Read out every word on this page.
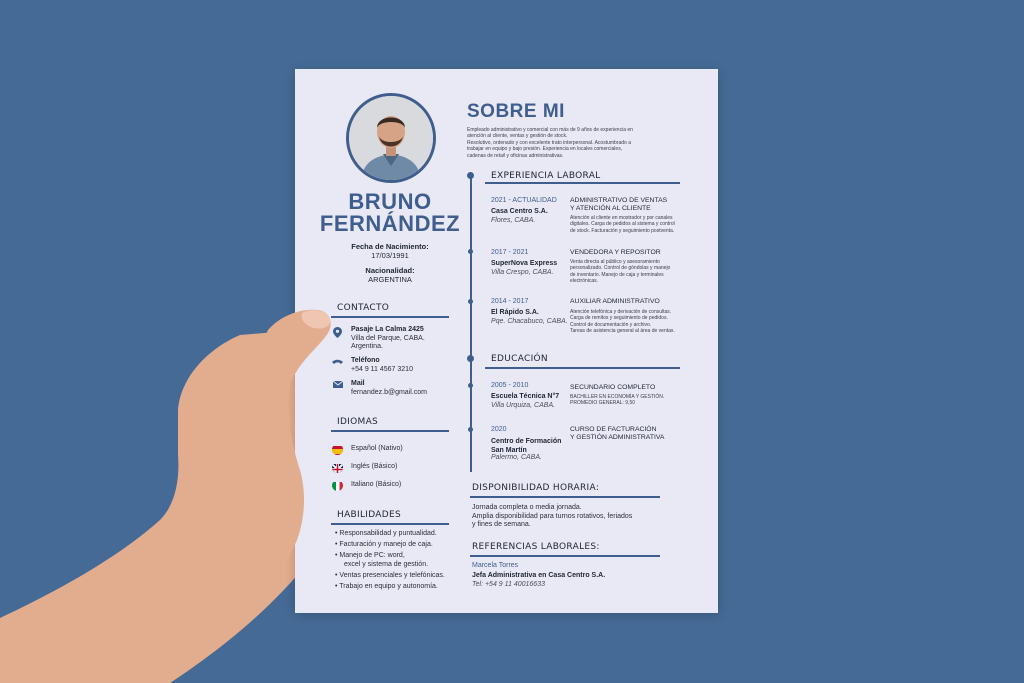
BRUNO
FERNÁNDEZ
Fecha de Nacimiento:
17/03/1991
Nacionalidad:
ARGENTINA
CONTACTO
Pasaje La Calma 2425
Villa del Parque, CABA.
Argentina.
Teléfono
+54 9 11 4567 3210
Mail
fernandez.b@gmail.com
IDIOMAS
Español (Nativo)
Inglés (Básico)
Italiano (Básico)
HABILIDADES
• Responsabilidad y puntualidad.
• Facturación y manejo de caja.
• Manejo de PC: word,
excel y sistema de gestión.
• Ventas presenciales y telefónicas.
• Trabajo en equipo y autonomía.
SOBRE MI
Empleado administrativo y comercial con más de 9 años de experiencia en
atención al cliente, ventas y gestión de stock.
Resolutivo, ordenado y con excelente trato interpersonal. Acostumbrado a
trabajar en equipo y bajo presión. Experiencia en locales comerciales,
cadenas de retail y oficinas administrativas.
EXPERIENCIA LABORAL
2021 - ACTUALIDAD
Casa Centro S.A.
Flores, CABA.
ADMINISTRATIVO DE VENTAS
Y ATENCIÓN AL CLIENTE
Atención al cliente en mostrador y por canales
digitales. Carga de pedidos al sistema y control
de stock. Facturación y seguimiento postventa.
2017 - 2021
SuperNova Express
Villa Crespo, CABA.
VENDEDORA Y REPOSITOR
Venta directa al público y asesoramiento
personalizado. Control de góndolas y manejo
de inventario. Manejo de caja y terminales
electrónicas.
2014 - 2017
El Rápido S.A.
Pqe. Chacabuco, CABA.
AUXILIAR ADMINISTRATIVO
Atención telefónica y derivación de consultas.
Carga de remitos y seguimiento de pedidos.
Control de documentación y archivo.
Tareas de asistencia general al área de ventas.
EDUCACIÓN
2005 - 2010
Escuela Técnica N°7
Villa Urquiza, CABA.
SECUNDARIO COMPLETO
BACHILLER EN ECONOMÍA Y GESTIÓN.
PROMEDIO GENERAL: 9,50
2020
Centro de Formación
San Martín
Palermo, CABA.
CURSO DE FACTURACIÓN
Y GESTIÓN ADMINISTRATIVA
DISPONIBILIDAD HORARIA:
Jornada completa o media jornada.
Amplia disponibilidad para turnos rotativos, feriados
y fines de semana.
REFERENCIAS LABORALES:
Marcela Torres
Jefa Administrativa en Casa Centro S.A.
Tel: +54 9 11 40016633
